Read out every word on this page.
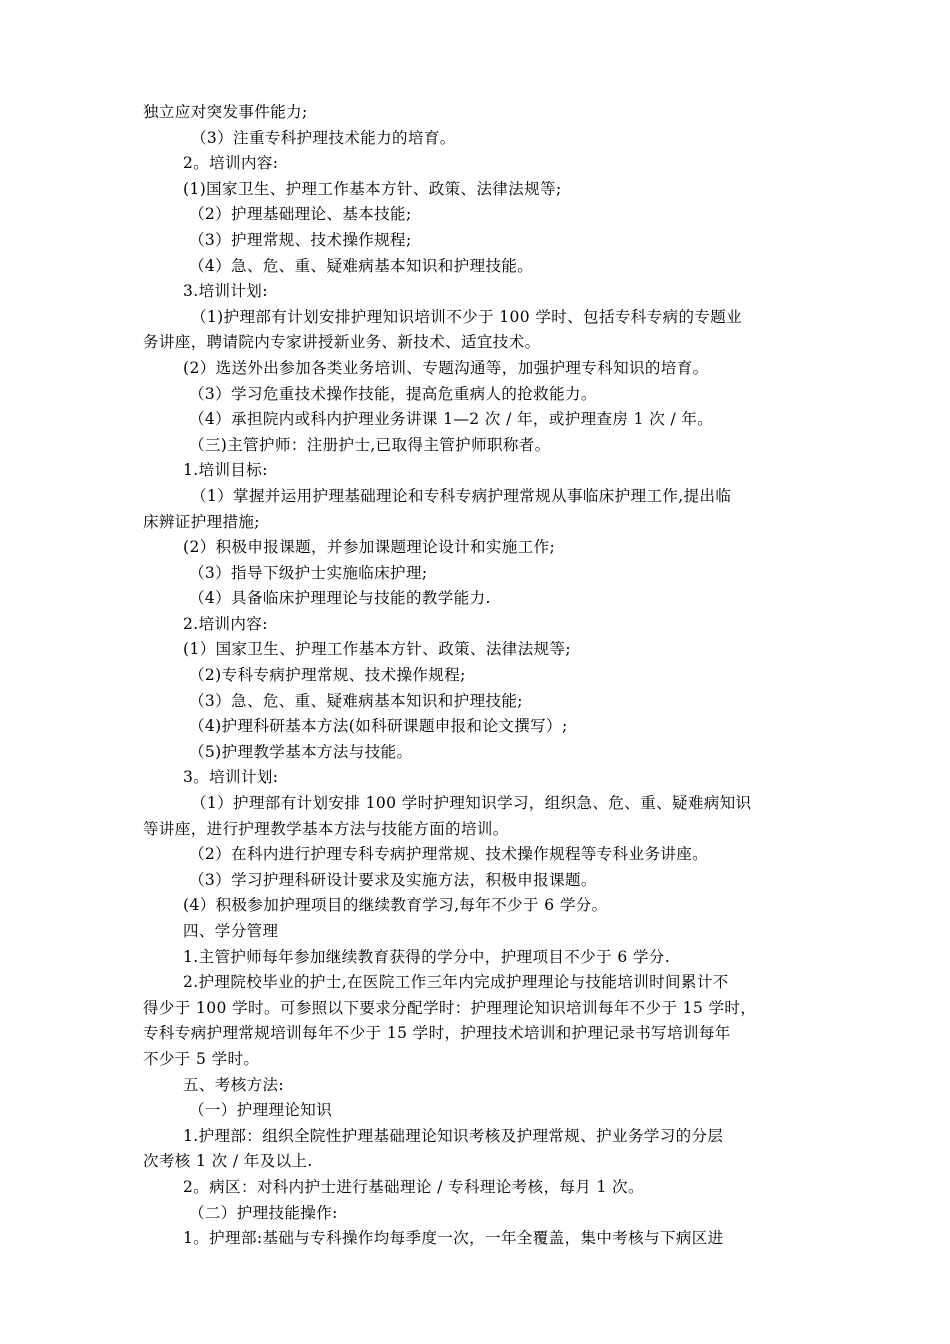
独立应对突发事件能力;
（3）注重专科护理技术能力的培育。
2。培训内容:
(1)国家卫生、护理工作基本方针、政策、法律法规等;
（2）护理基础理论、基本技能;
（3）护理常规、技术操作规程;
（4）急、危、重、疑难病基本知识和护理技能。
3.培训计划:
（1)护理部有计划安排护理知识培训不少于 100 学时、包括专科专病的专题业
务讲座，聘请院内专家讲授新业务、新技术、适宜技术。
(2）选送外出参加各类业务培训、专题沟通等，加强护理专科知识的培育。
（3）学习危重技术操作技能，提高危重病人的抢救能力。
（4）承担院内或科内护理业务讲课 1—2 次 / 年，或护理查房 1 次 / 年。
（三)主管护师：注册护士,已取得主管护师职称者。
1.培训目标:
（1）掌握并运用护理基础理论和专科专病护理常规从事临床护理工作,提出临
床辨证护理措施;
(2）积极申报课题，并参加课题理论设计和实施工作;
（3）指导下级护士实施临床护理;
（4）具备临床护理理论与技能的教学能力.
2.培训内容:
(1）国家卫生、护理工作基本方针、政策、法律法规等;
（2)专科专病护理常规、技术操作规程;
（3）急、危、重、疑难病基本知识和护理技能;
（4)护理科研基本方法(如科研课题申报和论文撰写）;
（5)护理教学基本方法与技能。
3。培训计划:
（1）护理部有计划安排 100 学时护理知识学习，组织急、危、重、疑难病知识
等讲座，进行护理教学基本方法与技能方面的培训。
（2）在科内进行护理专科专病护理常规、技术操作规程等专科业务讲座。
（3）学习护理科研设计要求及实施方法，积极申报课题。
(4）积极参加护理项目的继续教育学习,每年不少于 6 学分。
四、学分管理
1.主管护师每年参加继续教育获得的学分中，护理项目不少于 6 学分.
2.护理院校毕业的护士,在医院工作三年内完成护理理论与技能培训时间累计不
得少于 100 学时。可参照以下要求分配学时：护理理论知识培训每年不少于 15 学时，
专科专病护理常规培训每年不少于 15 学时，护理技术培训和护理记录书写培训每年
不少于 5 学时。
五、考核方法:
（一）护理理论知识
1.护理部：组织全院性护理基础理论知识考核及护理常规、护业务学习的分层
次考核 1 次 / 年及以上.
2。病区：对科内护士进行基础理论 / 专科理论考核，每月 1 次。
（二）护理技能操作:
1。护理部:基础与专科操作均每季度一次，一年全覆盖，集中考核与下病区进
